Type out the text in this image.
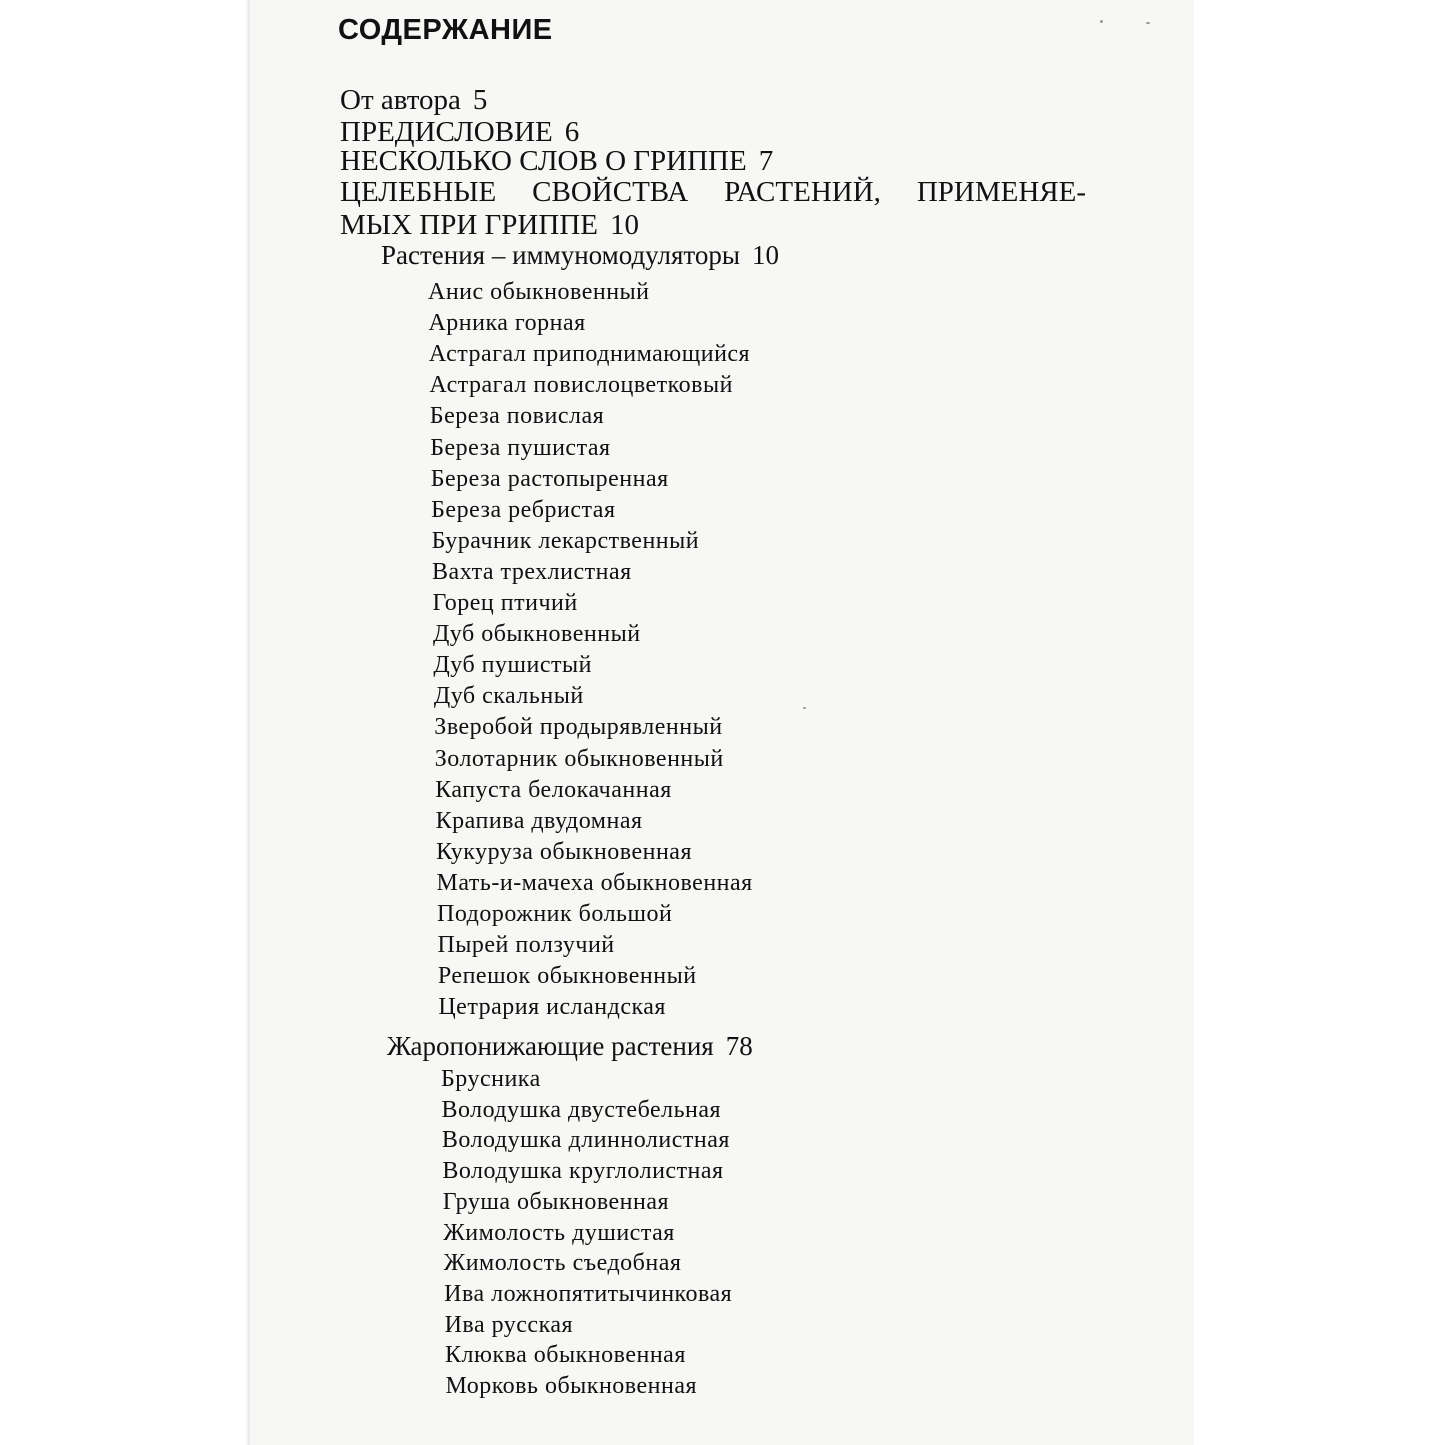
СОДЕРЖАНИЕ
От автора 5
ПРЕДИСЛОВИЕ 6
НЕСКОЛЬКО СЛОВ О ГРИППЕ 7
ЦЕЛЕБНЫЕ СВОЙСТВА РАСТЕНИЙ, ПРИМЕНЯЕ-
МЫХ ПРИ ГРИППЕ 10
Растения – иммуномодуляторы 10
Анис обыкновенный
Арника горная
Астрагал приподнимающийся
Астрагал повислоцветковый
Береза повислая
Береза пушистая
Береза растопыренная
Береза ребристая
Бурачник лекарственный
Вахта трехлистная
Горец птичий
Дуб обыкновенный
Дуб пушистый
Дуб скальный
Зверобой продырявленный
Золотарник обыкновенный
Капуста белокачанная
Крапива двудомная
Кукуруза обыкновенная
Мать-и-мачеха обыкновенная
Подорожник большой
Пырей ползучий
Репешок обыкновенный
Цетрария исландская
Жаропонижающие растения 78
Брусника
Володушка двустебельная
Володушка длиннолистная
Володушка круглолистная
Груша обыкновенная
Жимолость душистая
Жимолость съедобная
Ива ложнопятитычинковая
Ива русская
Клюква обыкновенная
Морковь обыкновенная
